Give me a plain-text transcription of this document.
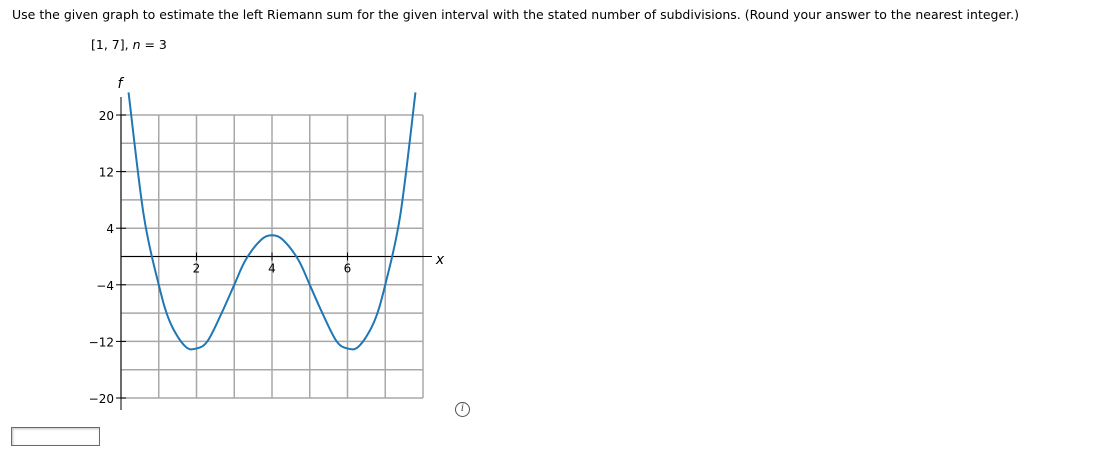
Use the given graph to estimate the left Riemann sum for the given interval with the stated number of subdivisions. (Round your answer to the nearest integer.)
[1, 7], n = 3
−20
−12
−4
4
12
20
2	4	6
f
x
i
